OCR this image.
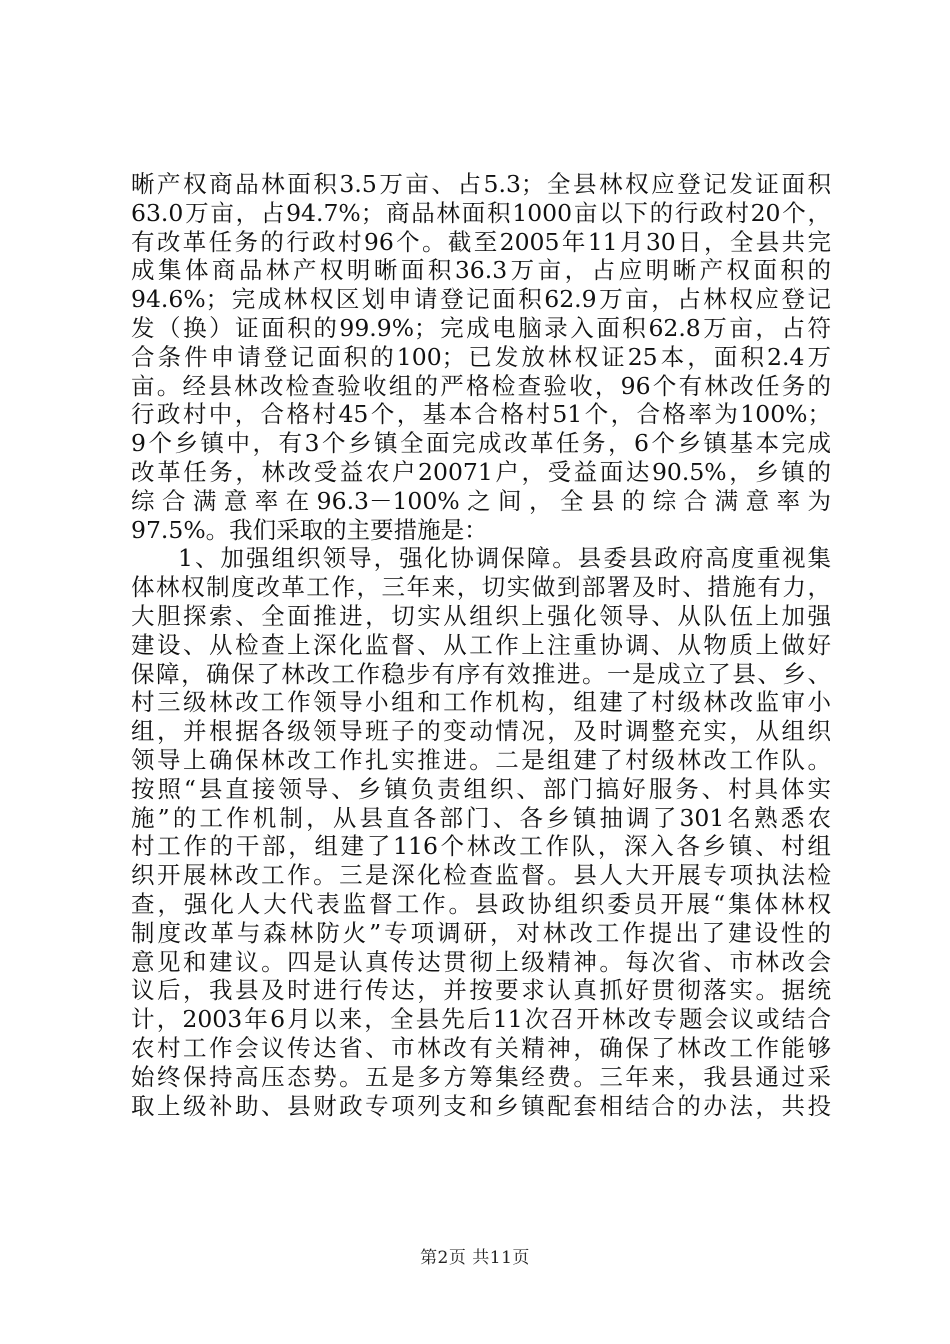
晰产权商品林面积3.5万亩、占5.3；全县林权应登记发证面积
63.0万亩，占94.7%；商品林面积1000亩以下的行政村20个，
有改革任务的行政村96个。截至2005年11月30日，全县共完
成集体商品林产权明晰面积36.3万亩，占应明晰产权面积的
94.6%；完成林权区划申请登记面积62.9万亩，占林权应登记
发（换）证面积的99.9%；完成电脑录入面积62.8万亩，占符
合条件申请登记面积的100；已发放林权证25本，面积2.4万
亩。经县林改检查验收组的严格检查验收，96个有林改任务的
行政村中，合格村45个，基本合格村51个，合格率为100%；
9个乡镇中，有3个乡镇全面完成改革任务，6个乡镇基本完成
改革任务，林改受益农户20071户，受益面达90.5%，乡镇的
综合满意率在96.3－100%之间，全县的综合满意率为
97.5%。我们采取的主要措施是：
1、加强组织领导，强化协调保障。县委县政府高度重视集
体林权制度改革工作，三年来，切实做到部署及时、措施有力，
大胆探索、全面推进，切实从组织上强化领导、从队伍上加强
建设、从检查上深化监督、从工作上注重协调、从物质上做好
保障，确保了林改工作稳步有序有效推进。一是成立了县、乡、
村三级林改工作领导小组和工作机构，组建了村级林改监审小
组，并根据各级领导班子的变动情况，及时调整充实，从组织
领导上确保林改工作扎实推进。二是组建了村级林改工作队。
按照“县直接领导、乡镇负责组织、部门搞好服务、村具体实
施”的工作机制，从县直各部门、各乡镇抽调了301名熟悉农
村工作的干部，组建了116个林改工作队，深入各乡镇、村组
织开展林改工作。三是深化检查监督。县人大开展专项执法检
查，强化人大代表监督工作。县政协组织委员开展“集体林权
制度改革与森林防火”专项调研，对林改工作提出了建设性的
意见和建议。四是认真传达贯彻上级精神。每次省、市林改会
议后，我县及时进行传达，并按要求认真抓好贯彻落实。据统
计，2003年6月以来，全县先后11次召开林改专题会议或结合
农村工作会议传达省、市林改有关精神，确保了林改工作能够
始终保持高压态势。五是多方筹集经费。三年来，我县通过采
取上级补助、县财政专项列支和乡镇配套相结合的办法，共投
第2页 共11页
